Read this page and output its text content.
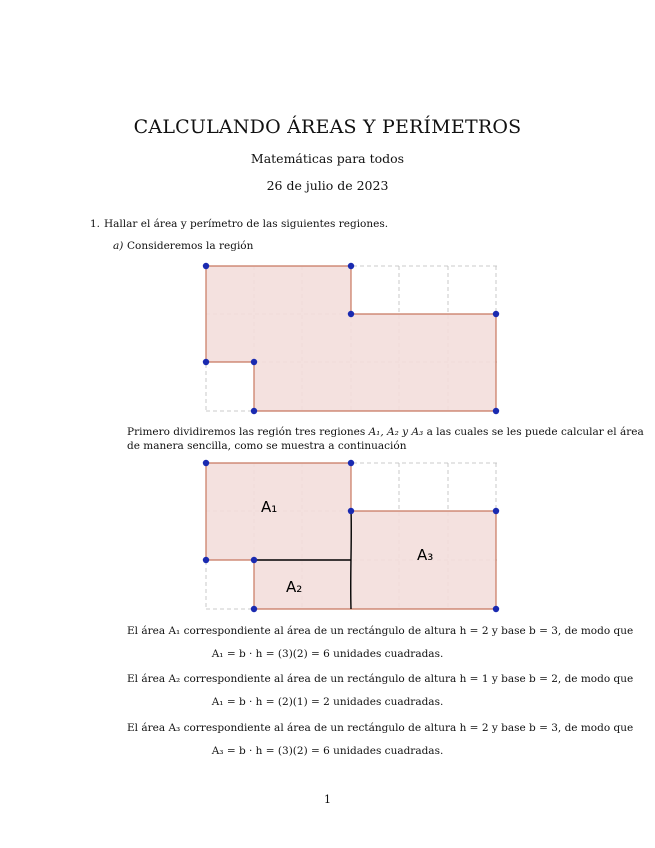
CALCULANDO ÁREAS Y PERÍMETROS
Matemáticas para todos
26 de julio de 2023
1. Hallar el área y perímetro de las siguientes regiones.
a) Consideremos la región
Primero dividiremos las región tres regiones A₁, A₂ y A₃ a las cuales se les puede calcular el área
de manera sencilla, como se muestra a continuación
A₁
A₂
A₃
El área A₁ correspondiente al área de un rectángulo de altura h = 2 y base b = 3, de modo que
A₁ = b · h = (3)(2) = 6 unidades cuadradas.
El área A₂ correspondiente al área de un rectángulo de altura h = 1 y base b = 2, de modo que
A₁ = b · h = (2)(1) = 2 unidades cuadradas.
El área A₃ correspondiente al área de un rectángulo de altura h = 2 y base b = 3, de modo que
A₃ = b · h = (3)(2) = 6 unidades cuadradas.
1
